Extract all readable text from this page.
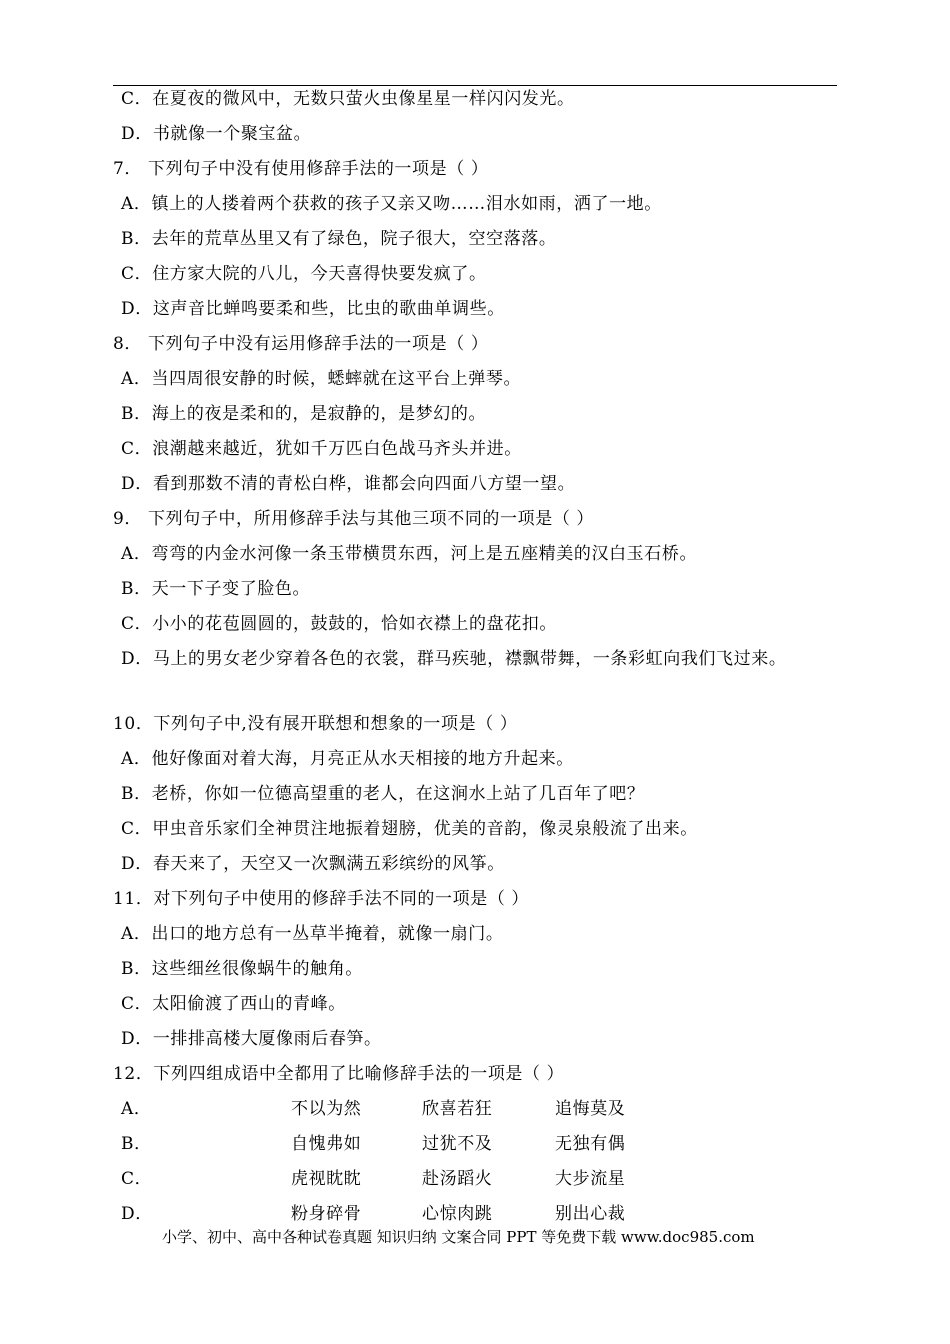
C．在夏夜的微风中，无数只萤火虫像星星一样闪闪发光。
D．书就像一个聚宝盆。
7． 下列句子中没有使用修辞手法的一项是（ ）
A．镇上的人搂着两个获救的孩子又亲又吻……泪水如雨，洒了一地。
B．去年的荒草丛里又有了绿色，院子很大，空空落落。
C．住方家大院的八儿，今天喜得快要发疯了。
D．这声音比蝉鸣要柔和些，比虫的歌曲单调些。
8． 下列句子中没有运用修辞手法的一项是（ ）
A．当四周很安静的时候，蟋蟀就在这平台上弹琴。
B．海上的夜是柔和的，是寂静的，是梦幻的。
C．浪潮越来越近，犹如千万匹白色战马齐头并进。
D．看到那数不清的青松白桦，谁都会向四面八方望一望。
9． 下列句子中，所用修辞手法与其他三项不同的一项是（ ）
A．弯弯的内金水河像一条玉带横贯东西，河上是五座精美的汉白玉石桥。
B．天一下子变了脸色。
C．小小的花苞圆圆的，鼓鼓的，恰如衣襟上的盘花扣。
D．马上的男女老少穿着各色的衣裳，群马疾驰，襟飘带舞，一条彩虹向我们飞过来。
10．下列句子中,没有展开联想和想象的一项是（ ）
A．他好像面对着大海，月亮正从水天相接的地方升起来。
B．老桥，你如一位德高望重的老人，在这涧水上站了几百年了吧？
C．甲虫音乐家们全神贯注地振着翅膀，优美的音韵，像灵泉般流了出来。
D．春天来了，天空又一次飘满五彩缤纷的风筝。
11．对下列句子中使用的修辞手法不同的一项是（ ）
A．出口的地方总有一丛草半掩着，就像一扇门。
B．这些细丝很像蜗牛的触角。
C．太阳偷渡了西山的青峰。
D．一排排高楼大厦像雨后春笋。
12．下列四组成语中全都用了比喻修辞手法的一项是（ ）
A．	不以为然	欣喜若狂	追悔莫及
B．	自愧弗如	过犹不及	无独有偶
C．	虎视眈眈	赴汤蹈火	大步流星
D．	粉身碎骨	心惊肉跳	别出心裁
小学、初中、高中各种试卷真题 知识归纳 文案合同 PPT 等免费下载 www.doc985.com
